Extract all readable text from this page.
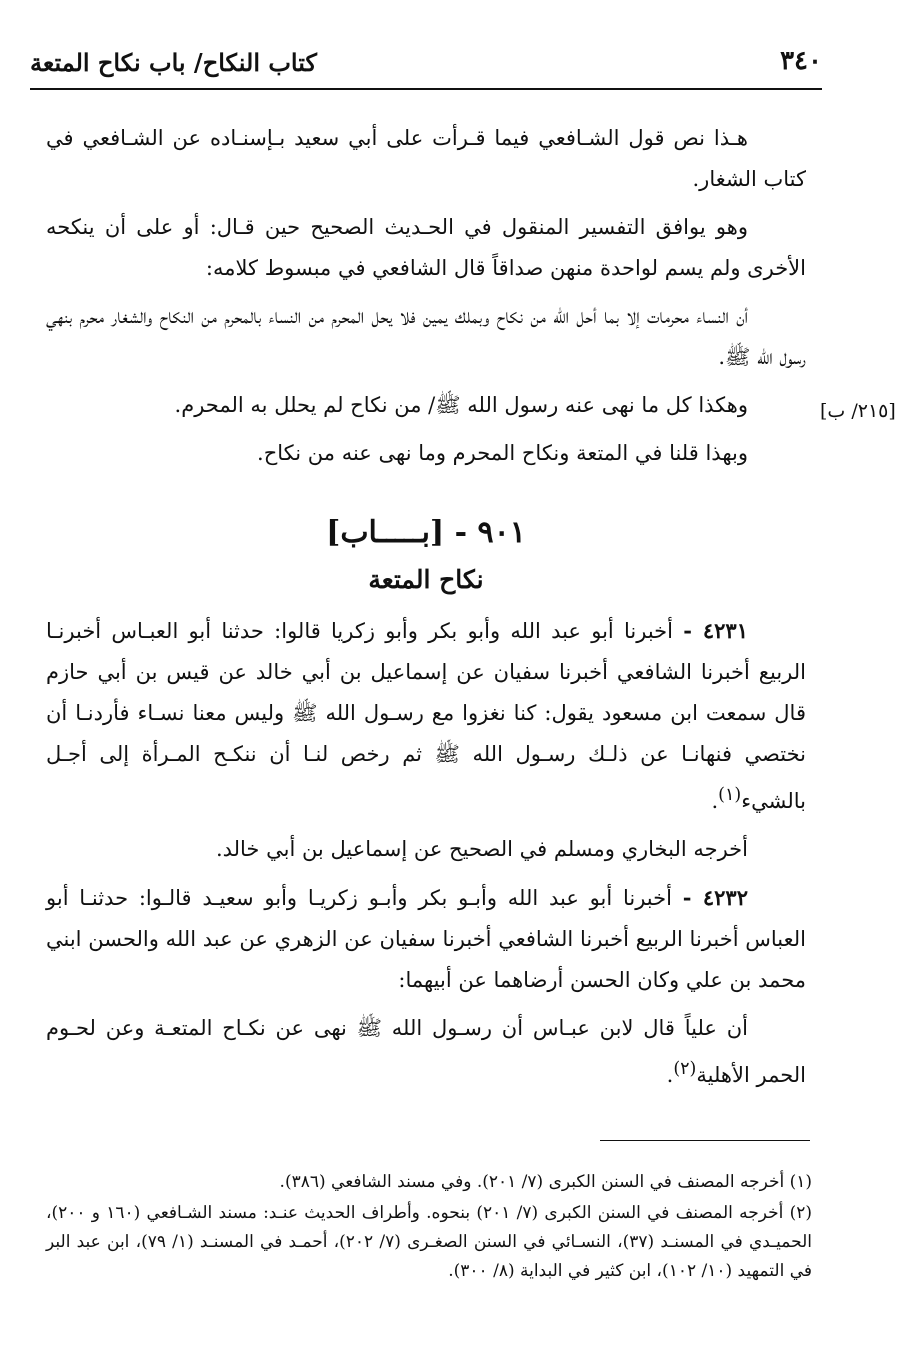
كتاب النكاح/ باب نكاح المتعة	٣٤٠

هـذا نص قول الشـافعي فيما قـرأت على أبي سعيد بـإسنـاده عن الشـافعي في كتاب الشغار.

وهو يوافق التفسير المنقول في الحـديث الصحيح حين قـال: أو على أن ينكحه الأخرى ولم يسم لواحدة منهن صداقاً قال الشافعي في مبسوط كلامه:

أن النساء محرمات إلا بما أحل الله من نكاح وبملك يمين فلا يحل المحرم من النساء بالمحرم من النكاح والشغار محرم بنهي رسول الله ﷺ.

وهكذا كل ما نهى عنه رسول الله ﷺ/ من نكاح لم يحلل به المحرم.

وبهذا قلنا في المتعة ونكاح المحرم وما نهى عنه من نكاح.

[٢١٥/ ب]
٩٠١ - [بـــــاب]
نكاح المتعة

٤٢٣١ - أخبرنا أبو عبد الله وأبو بكر وأبو زكريا قالوا: حدثنا أبو العبـاس أخبرنـا الربيع أخبرنا الشافعي أخبرنا سفيان عن إسماعيل بن أبي خالد عن قيس بن أبي حازم قال سمعت ابن مسعود يقول: كنا نغزوا مع رسـول الله ﷺ وليس معنا نسـاء فأردنـا أن نختصي فنهانـا عن ذلـك رسـول الله ﷺ ثم رخص لنـا أن ننكـح المـرأة إلى أجـل بالشيء$^{(١)}$.

أخرجه البخاري ومسلم في الصحيح عن إسماعيل بن أبي خالد.

٤٢٣٢ - أخبرنا أبو عبد الله وأبـو بكر وأبـو زكريـا وأبو سعيـد قالـوا: حدثنـا أبو العباس أخبرنا الربيع أخبرنا الشافعي أخبرنا سفيان عن الزهري عن عبد الله والحسن ابني محمد بن علي وكان الحسن أرضاهما عن أبيهما:

أن علياً قال لابن عبـاس أن رسـول الله ﷺ نهى عن نكـاح المتعـة وعن لحـوم الحمر الأهلية$^{(٢)}$.

(١) أخرجه المصنف في السنن الكبرى (٧/ ٢٠١). وفي مسند الشافعي (٣٨٦).

(٢) أخرجه المصنف في السنن الكبرى (٧/ ٢٠١) بنحوه. وأطراف الحديث عنـد: مسند الشـافعي (١٦٠ و ٢٠٠)، الحميـدي في المسنـد (٣٧)، النسـائي في السنن الصغـرى (٧/ ٢٠٢)، أحمـد في المسنـد (١/ ٧٩)، ابن عبد البر في التمهيد (١٠/ ١٠٢)، ابن كثير في البداية (٨/ ٣٠٠).
